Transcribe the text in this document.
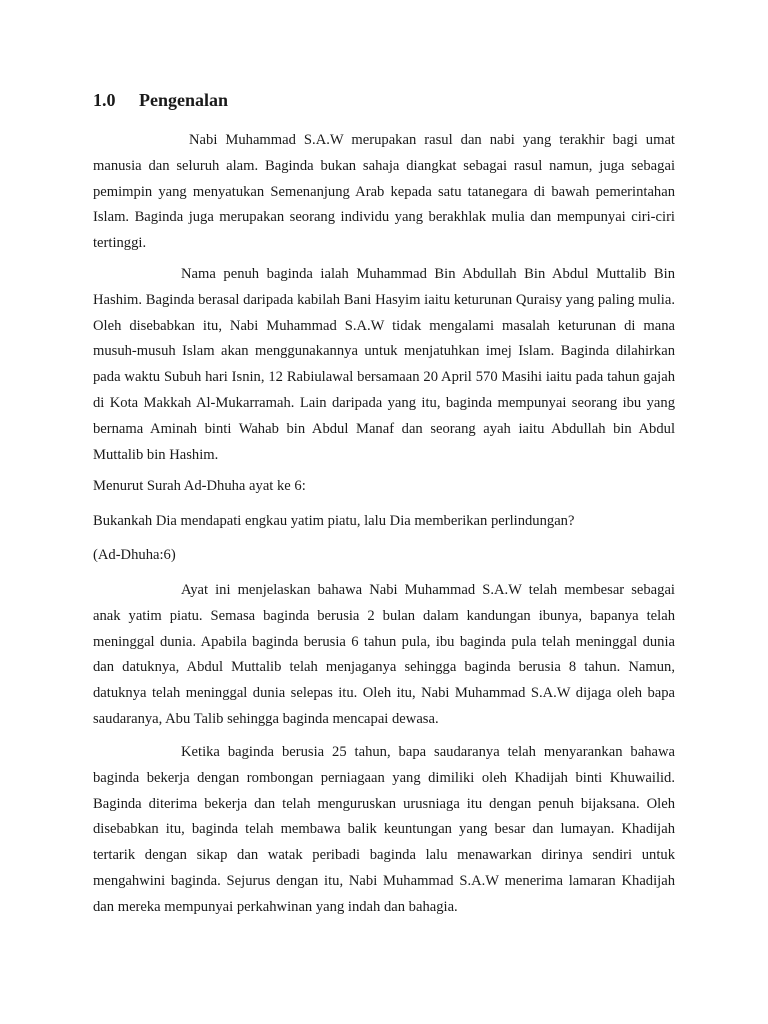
1.0 Pengenalan

Nabi Muhammad S.A.W merupakan rasul dan nabi yang terakhir bagi umat manusia dan seluruh alam. Baginda bukan sahaja diangkat sebagai rasul namun, juga sebagai pemimpin yang menyatukan Semenanjung Arab kepada satu tatanegara di bawah pemerintahan Islam. Baginda juga merupakan seorang individu yang berakhlak mulia dan mempunyai ciri-ciri tertinggi.

Nama penuh baginda ialah Muhammad Bin Abdullah Bin Abdul Muttalib Bin Hashim. Baginda berasal daripada kabilah Bani Hasyim iaitu keturunan Quraisy yang paling mulia. Oleh disebabkan itu, Nabi Muhammad S.A.W tidak mengalami masalah keturunan di mana musuh-musuh Islam akan menggunakannya untuk menjatuhkan imej Islam. Baginda dilahirkan pada waktu Subuh hari Isnin, 12 Rabiulawal bersamaan 20 April 570 Masihi iaitu pada tahun gajah di Kota Makkah Al-Mukarramah. Lain daripada yang itu, baginda mempunyai seorang ibu yang bernama Aminah binti Wahab bin Abdul Manaf dan seorang ayah iaitu Abdullah bin Abdul Muttalib bin Hashim.

Menurut Surah Ad-Dhuha ayat ke 6:

Bukankah Dia mendapati engkau yatim piatu, lalu Dia memberikan perlindungan?

(Ad-Dhuha:6)

Ayat ini menjelaskan bahawa Nabi Muhammad S.A.W telah membesar sebagai anak yatim piatu. Semasa baginda berusia 2 bulan dalam kandungan ibunya, bapanya telah meninggal dunia. Apabila baginda berusia 6 tahun pula, ibu baginda pula telah meninggal dunia dan datuknya, Abdul Muttalib telah menjaganya sehingga baginda berusia 8 tahun. Namun, datuknya telah meninggal dunia selepas itu. Oleh itu, Nabi Muhammad S.A.W dijaga oleh bapa saudaranya, Abu Talib sehingga baginda mencapai dewasa.

Ketika baginda berusia 25 tahun, bapa saudaranya telah menyarankan bahawa baginda bekerja dengan rombongan perniagaan yang dimiliki oleh Khadijah binti Khuwailid. Baginda diterima bekerja dan telah menguruskan urusniaga itu dengan penuh bijaksana. Oleh disebabkan itu, baginda telah membawa balik keuntungan yang besar dan lumayan. Khadijah tertarik dengan sikap dan watak peribadi baginda lalu menawarkan dirinya sendiri untuk mengahwini baginda. Sejurus dengan itu, Nabi Muhammad S.A.W menerima lamaran Khadijah dan mereka mempunyai perkahwinan yang indah dan bahagia.
